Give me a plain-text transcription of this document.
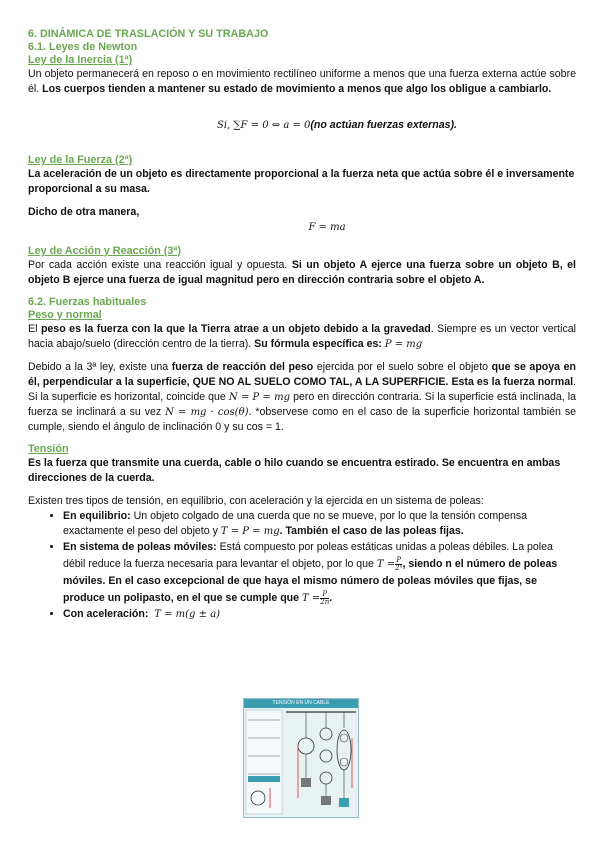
6. DINÁMICA DE TRASLACIÓN Y SU TRABAJO

6.1. Leyes de Newton

Ley de la Inercia (1ª)

Un objeto permanecerá en reposo o en movimiento rectilíneo uniforme a menos que una fuerza externa actúe sobre él. Los cuerpos tienden a mantener su estado de movimiento a menos que algo los obligue a cambiarlo.

Si, ∑F = 0 ⇔ a = 0(no actúan fuerzas externas).

Ley de la Fuerza (2ª)

La aceleración de un objeto es directamente proporcional a la fuerza neta que actúa sobre él e inversamente proporcional a su masa.

Dicho de otra manera,

F = ma

Ley de Acción y Reacción (3ª)

Por cada acción existe una reacción igual y opuesta. Si un objeto A ejerce una fuerza sobre un objeto B, el objeto B ejerce una fuerza de igual magnitud pero en dirección contraria sobre el objeto A.

6.2. Fuerzas habituales

Peso y normal

El peso es la fuerza con la que la Tierra atrae a un objeto debido a la gravedad. Siempre es un vector vertical hacia abajo/suelo (dirección centro de la tierra). Su fórmula específica es: P = mg

Debido a la 3ª ley, existe una fuerza de reacción del peso ejercida por el suelo sobre el objeto que se apoya en él, perpendicular a la superficie, QUE NO AL SUELO COMO TAL, A LA SUPERFICIE. Esta es la fuerza normal. Si la superficie es horizontal, coincide que N = P = mg pero en dirección contraria. Si la superficie está inclinada, la fuerza se inclinará a su vez N = mg · cos(θ). *observese como en el caso de la superficie horizontal también se cumple, siendo el ángulo de inclinación 0 y su cos = 1.

Tensión

Es la fuerza que transmite una cuerda, cable o hilo cuando se encuentra estirado. Se encuentra en ambas direcciones de la cuerda.

Existen tres tipos de tensión, en equilibrio, con aceleración y la ejercida en un sistema de poleas:

• En equilibrio: Un objeto colgado de una cuerda que no se mueve, por lo que la tensión compensa exactamente el peso del objeto y T = P = mg. También el caso de las poleas fijas.
• En sistema de poleas móviles: Está compuesto por poleas estáticas unidas a poleas débiles. La polea débil reduce la fuerza necesaria para levantar el objeto, por lo que $T = \frac{P}{\text{2ⁿ}}$ , siendo n el número de poleas móviles. En el caso excepcional de que haya el mismo número de poleas móviles que fijas, se produce un polipasto, en el que se cumple que $T = \frac{P}{2n}$ .
• Con aceleración: T = m(g ± a)
TENSIÓN EN UN CABLE
